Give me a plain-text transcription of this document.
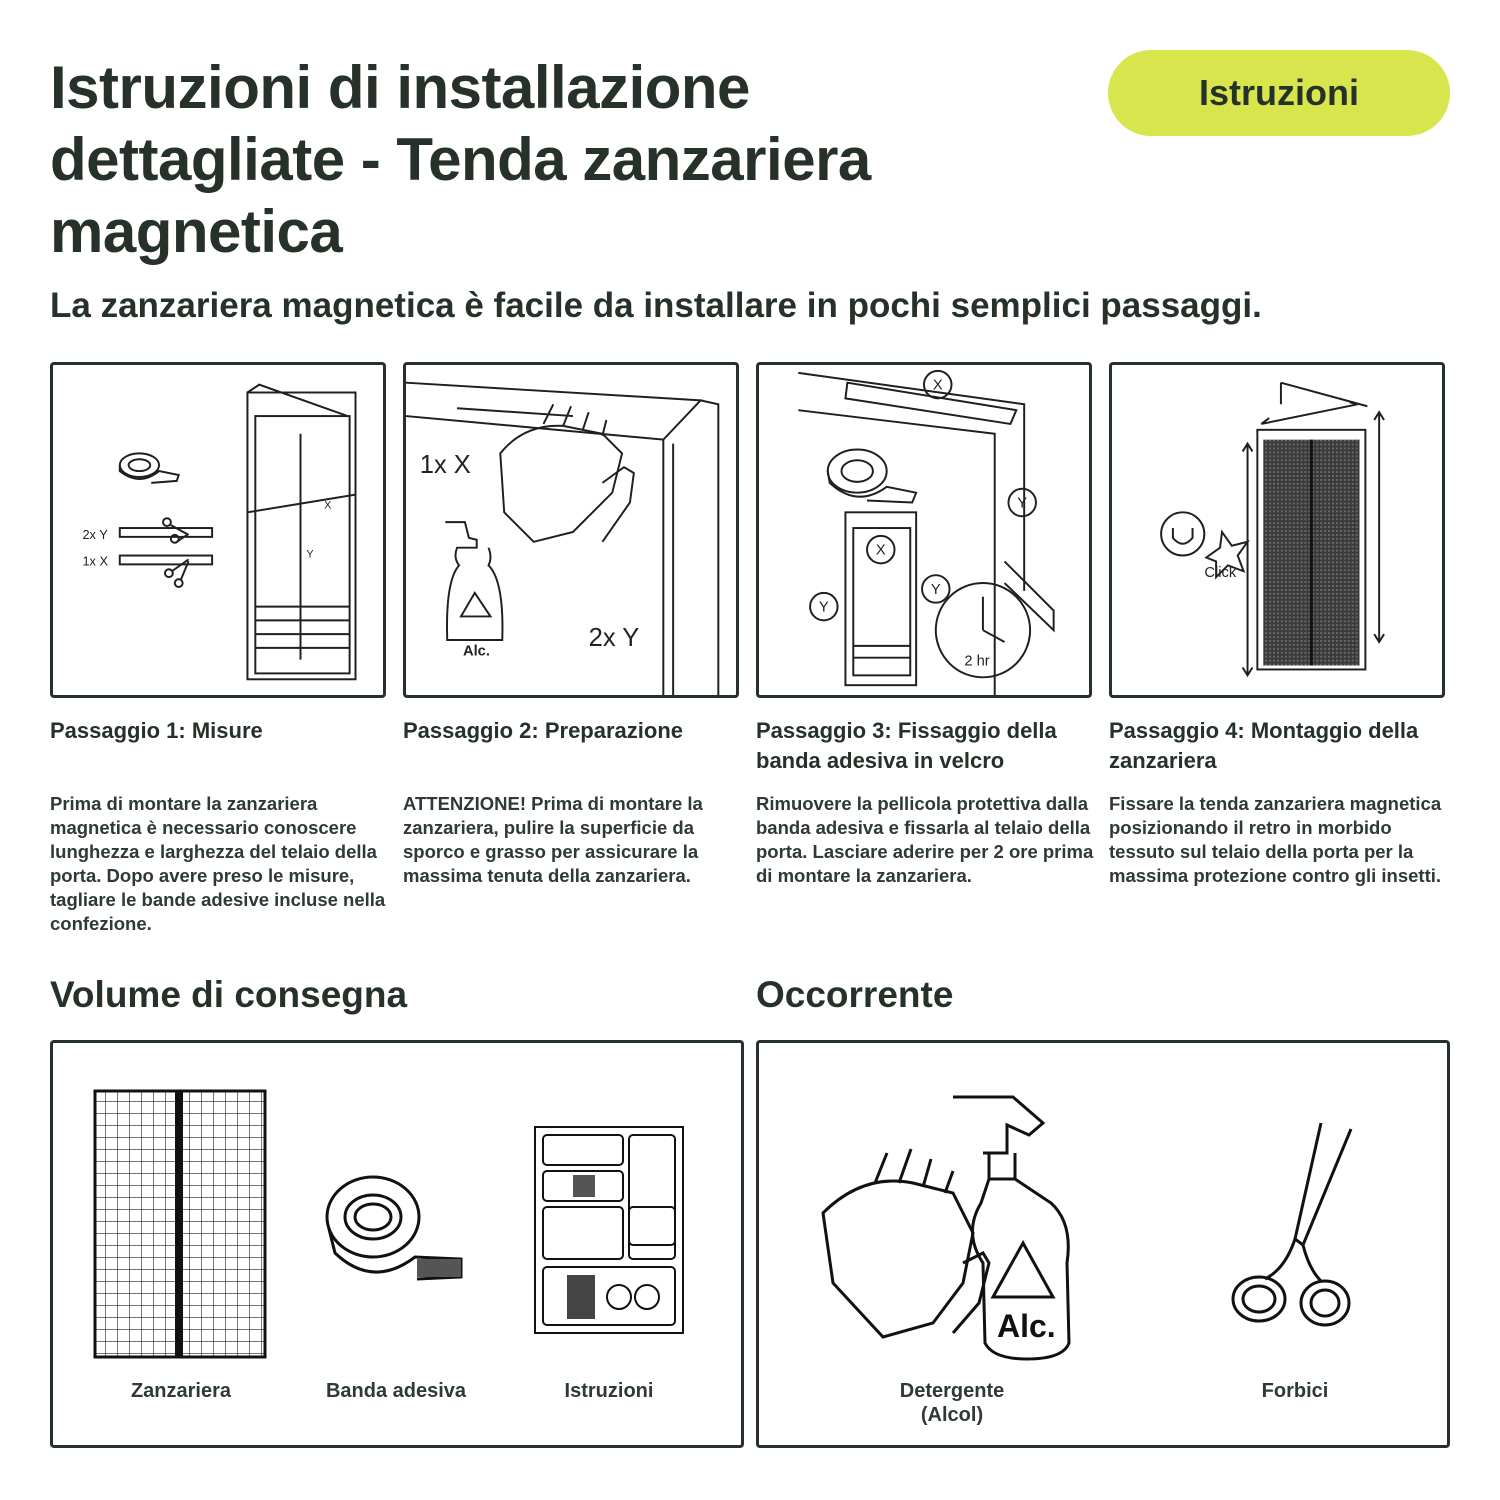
Istruzioni di installazione dettagliate - Tenda zanzariera magnetica
Istruzioni
La zanzariera magnetica è facile da installare in pochi semplici passaggi.
2x Y
1x X
X
Y
Passaggio 1: Misure

Prima di montare la zanzariera magnetica è necessario conoscere lunghezza e larghezza del telaio della porta. Dopo avere preso le misure, tagliare le bande adesive incluse nella confezione.

1x X
2x Y
Alc.
Passaggio 2: Preparazione

ATTENZIONE! Prima di montare la zanzariera, pulire la superficie da sporco e grasso per assicurare la massima tenuta della zanzariera.

X
Y
X
Y
Y
2 hr
Passaggio 3: Fissaggio della banda adesiva in velcro

Rimuovere la pellicola protettiva dalla banda adesiva e fissarla al telaio della porta. Lasciare aderire per 2 ore prima di montare la zanzariera.

Click
Passaggio 4: Montaggio della zanzariera

Fissare la tenda zanzariera magnetica posizionando il retro in morbido tessuto sul telaio della porta per la massima protezione contro gli insetti.

Volume di consegna
Zanzariera	Banda adesiva	Istruzioni
Occorrente
Alc.
Detergente
(Alcol)
Forbici
